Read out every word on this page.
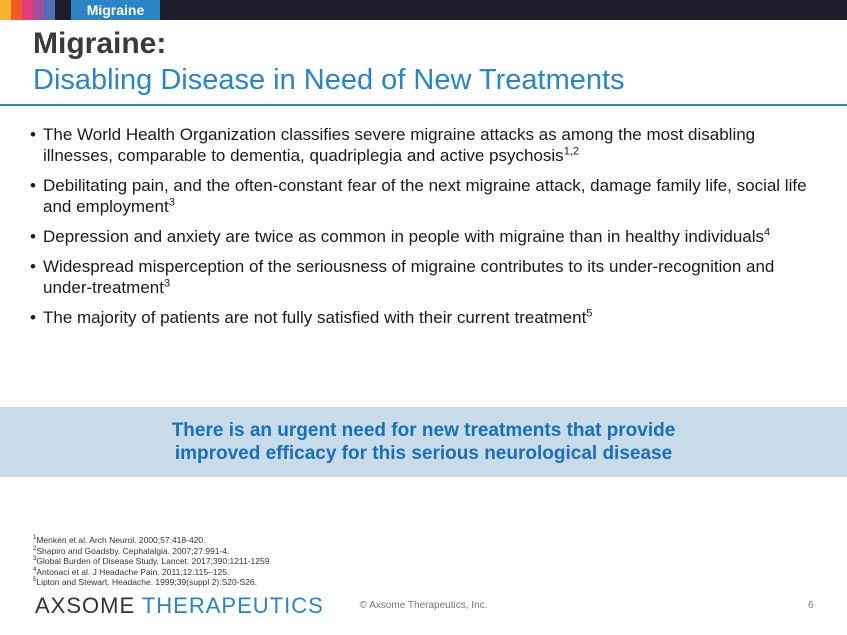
Migraine
Migraine:
Disabling Disease in Need of New Treatments
• The World Health Organization classifies severe migraine attacks as among the most disabling illnesses, comparable to dementia, quadriplegia and active psychosis$^{1,2}$
• Debilitating pain, and the often-constant fear of the next migraine attack, damage family life, social life and employment$^3$
• Depression and anxiety are twice as common in people with migraine than in healthy individuals$^4$
• Widespread misperception of the seriousness of migraine contributes to its under-recognition and under-treatment$^3$
• The majority of patients are not fully satisfied with their current treatment$^5$
There is an urgent need for new treatments that provide
improved efficacy for this serious neurological disease
$^1$Menken et al. Arch Neurol. 2000;57:418-420.
$^2$Shapiro and Goadsby. Cephalalgia. 2007;27:991-4.
$^3$Global Burden of Disease Study. Lancet. 2017;390:1211-1259
$^4$Antonaci et al. J Headache Pain. 2011;12:115–125.
$^5$Lipton and Stewart. Headache. 1999;39(suppl 2):S20-S26.
AXSOME THERAPEUTICS	© Axsome Therapeutics, Inc.	6
